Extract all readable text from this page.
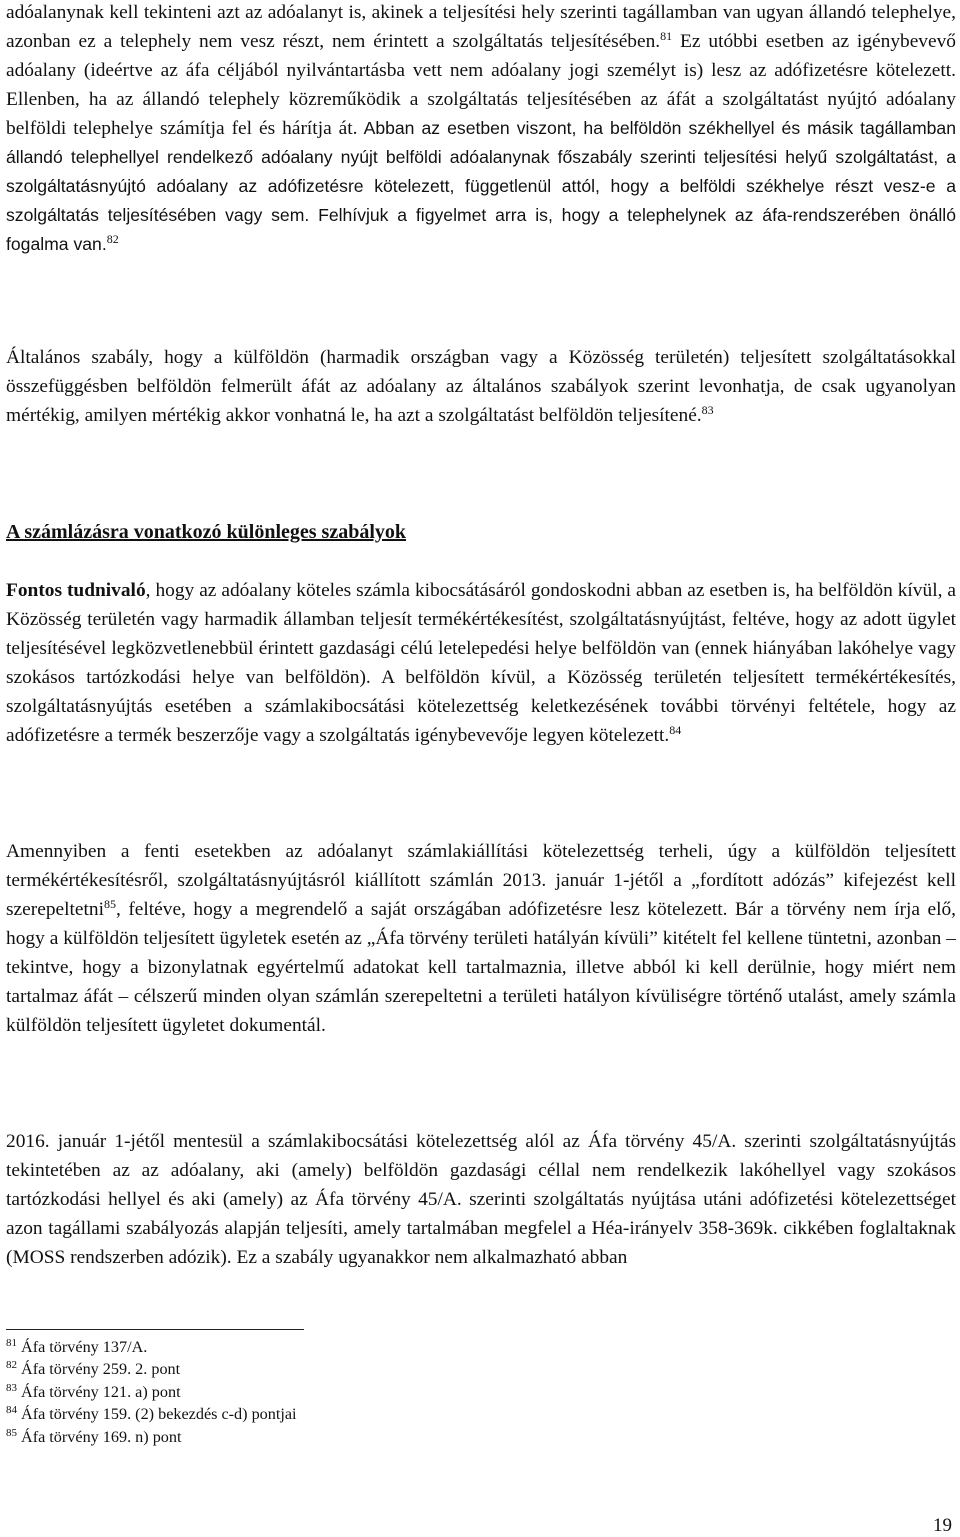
adóalanynak kell tekinteni azt az adóalanyt is, akinek a teljesítési hely szerinti tagállamban van ugyan állandó telephelye, azonban ez a telephely nem vesz részt, nem érintett a szolgáltatás teljesítésében.$^{81}$ Ez utóbbi esetben az igénybevevő adóalany (ideértve az áfa céljából nyilvántartásba vett nem adóalany jogi személyt is) lesz az adófizetésre kötelezett. Ellenben, ha az állandó telephely közreműködik a szolgáltatás teljesítésében az áfát a szolgáltatást nyújtó adóalany belföldi telephelye számítja fel és hárítja át. Abban az esetben viszont, ha belföldön székhellyel és másik tagállamban állandó telephellyel rendelkező adóalany nyújt belföldi adóalanynak főszabály szerinti teljesítési helyű szolgáltatást, a szolgáltatásnyújtó adóalany az adófizetésre kötelezett, függetlenül attól, hogy a belföldi székhelye részt vesz-e a szolgáltatás teljesítésében vagy sem. Felhívjuk a figyelmet arra is, hogy a telephelynek az áfa-rendszerében önálló fogalma van.$^{82}$

Általános szabály, hogy a külföldön (harmadik országban vagy a Közösség területén) teljesített szolgáltatásokkal összefüggésben belföldön felmerült áfát az adóalany az általános szabályok szerint levonhatja, de csak ugyanolyan mértékig, amilyen mértékig akkor vonhatná le, ha azt a szolgáltatást belföldön teljesítené.$^{83}$

A számlázásra vonatkozó különleges szabályok

Fontos tudnivaló, hogy az adóalany köteles számla kibocsátásáról gondoskodni abban az esetben is, ha belföldön kívül, a Közösség területén vagy harmadik államban teljesít termékértékesítést, szolgáltatásnyújtást, feltéve, hogy az adott ügylet teljesítésével legközvetlenebbül érintett gazdasági célú letelepedési helye belföldön van (ennek hiányában lakóhelye vagy szokásos tartózkodási helye van belföldön). A belföldön kívül, a Közösség területén teljesített termékértékesítés, szolgáltatásnyújtás esetében a számlakibocsátási kötelezettség keletkezésének további törvényi feltétele, hogy az adófizetésre a termék beszerzője vagy a szolgáltatás igénybevevője legyen kötelezett.$^{84}$

Amennyiben a fenti esetekben az adóalanyt számlakiállítási kötelezettség terheli, úgy a külföldön teljesített termékértékesítésről, szolgáltatásnyújtásról kiállított számlán 2013. január 1-jétől a „fordított adózás” kifejezést kell szerepeltetni$^{85}$, feltéve, hogy a megrendelő a saját országában adófizetésre lesz kötelezett. Bár a törvény nem írja elő, hogy a külföldön teljesített ügyletek esetén az „Áfa törvény területi hatályán kívüli” kitételt fel kellene tüntetni, azonban – tekintve, hogy a bizonylatnak egyértelmű adatokat kell tartalmaznia, illetve abból ki kell derülnie, hogy miért nem tartalmaz áfát – célszerű minden olyan számlán szerepeltetni a területi hatályon kívüliségre történő utalást, amely számla külföldön teljesített ügyletet dokumentál.

2016. január 1-jétől mentesül a számlakibocsátási kötelezettség alól az Áfa törvény 45/A. szerinti szolgáltatásnyújtás tekintetében az az adóalany, aki (amely) belföldön gazdasági céllal nem rendelkezik lakóhellyel vagy szokásos tartózkodási hellyel és aki (amely) az Áfa törvény 45/A. szerinti szolgáltatás nyújtása utáni adófizetési kötelezettséget azon tagállami szabályozás alapján teljesíti, amely tartalmában megfelel a Héa-irányelv 358-369k. cikkében foglaltaknak (MOSS rendszerben adózik). Ez a szabály ugyanakkor nem alkalmazható abban

$^{81}$ Áfa törvény 137/A.
$^{82}$ Áfa törvény 259. 2. pont
$^{83}$ Áfa törvény 121. a) pont
$^{84}$ Áfa törvény 159. (2) bekezdés c-d) pontjai
$^{85}$ Áfa törvény 169. n) pont
19
